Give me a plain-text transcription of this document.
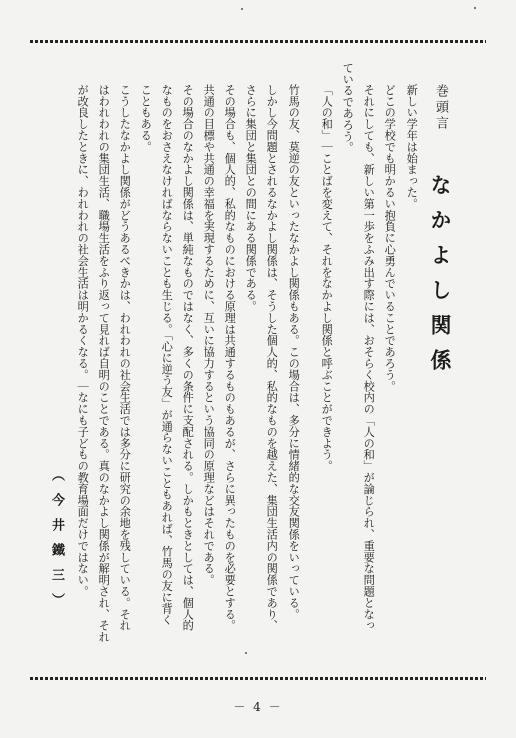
巻頭言
なかよし関係
新しい学年は始まった。
どこの学校でも明かるい抱負に心勇んでいることであろう。
それにしても、新しい第一歩をふみ出す際には、おそらく校内の「人の和」が論じられ、重要な問題となっ
ているであろう。
「人の和」｜ことばを変えて、それをなかよし関係と呼ぶことができよう。
竹馬の友、莫逆の友といったなかよし関係もある。この場合は、多分に情緒的な交友関係をいっている。
しかし今問題とされるなかよし関係は、そうした個人的、私的なものを越えた、集団生活内の関係であり、
さらに集団と集団との間にある関係である。
その場合も、個人的、私的なものにおける原理は共通するものもあるが、さらに異ったものを必要とする。
共通の目標や共通の幸福を実現するために、互いに協力するという協同の原理などはそれである。
その場合のなかよし関係は、単純なものではなく、多くの条件に支配される。しかもときとしては、個人的
なものをおさえなければならないことも生じる。「心に逆う友」が通らないこともあれば、竹馬の友に背く
こともある。
こうしたなかよし関係がどうあるべきかは、われわれの社会生活では多分に研究の余地を残している。それ
はわれわれの集団生活、職場生活をふり返って見れば自明のことである。真のなかよし関係が解明され、それ
が改良したときに、われわれの社会生活は明かるくなる。｜なにも子どもの教育場面だけではない。
（今井鐵三）
－ 4 －
